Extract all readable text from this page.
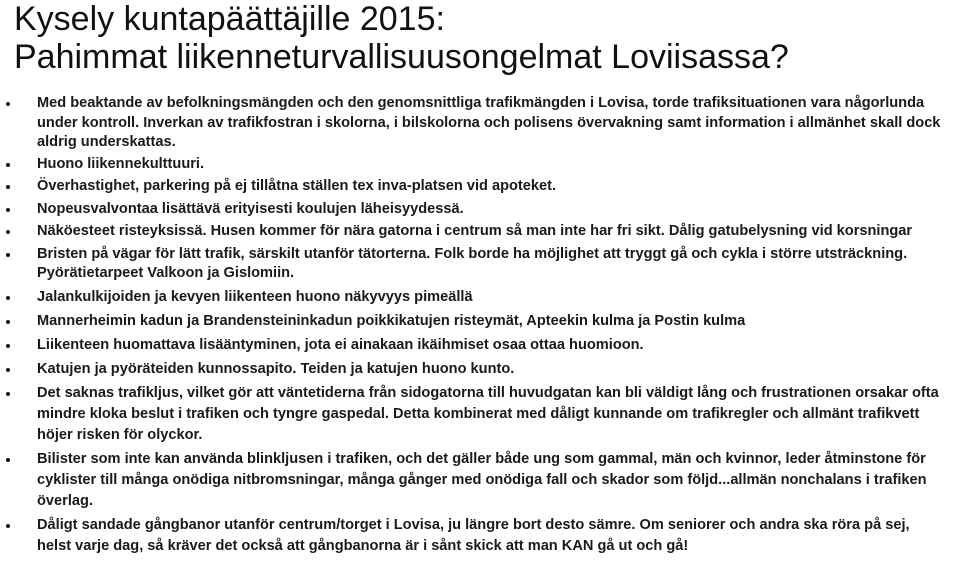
Kysely kuntapäättäjille 2015:
Pahimmat liikenneturvallisuusongelmat Loviisassa?
Med beaktande av befolkningsmängden och den genomsnittliga trafikmängden i Lovisa, torde trafiksituationen vara någorlunda
under kontroll. Inverkan av trafikfostran i skolorna, i bilskolorna och polisens övervakning samt information i allmänhet skall dock
aldrig underskattas.
Huono liikennekulttuuri.
Överhastighet, parkering på ej tillåtna ställen tex inva-platsen vid apoteket.
Nopeusvalvontaa lisättävä erityisesti koulujen läheisyydessä.
Näköesteet risteyksissä. Husen kommer för nära gatorna i centrum så man inte har fri sikt. Dålig gatubelysning vid korsningar
Bristen på vägar för lätt trafik, särskilt utanför tätorterna. Folk borde ha möjlighet att tryggt gå och cykla i större utsträckning.
Pyörätietarpeet Valkoon ja Gislomiin.
Jalankulkijoiden ja kevyen liikenteen huono näkyvyys pimeällä
Mannerheimin kadun ja Brandensteininkadun poikkikatujen risteymät, Apteekin kulma ja Postin kulma
Liikenteen huomattava lisääntyminen, jota ei ainakaan ikäihmiset osaa ottaa huomioon.
Katujen ja pyöräteiden kunnossapito. Teiden ja katujen huono kunto.
Det saknas trafikljus, vilket gör att väntetiderna från sidogatorna till huvudgatan kan bli väldigt lång och frustrationen orsakar ofta
mindre kloka beslut i trafiken och tyngre gaspedal. Detta kombinerat med dåligt kunnande om trafikregler och allmänt trafikvett
höjer risken för olyckor.
Bilister som inte kan använda blinkljusen i trafiken, och det gäller både ung som gammal, män och kvinnor, leder åtminstone för
cyklister till många onödiga nitbromsningar, många gånger med onödiga fall och skador som följd...allmän nonchalans i trafiken
överlag.
Dåligt sandade gångbanor utanför centrum/torget i Lovisa, ju längre bort desto sämre. Om seniorer och andra ska röra på sej,
helst varje dag, så kräver det också att gångbanorna är i sånt skick att man KAN gå ut och gå!
